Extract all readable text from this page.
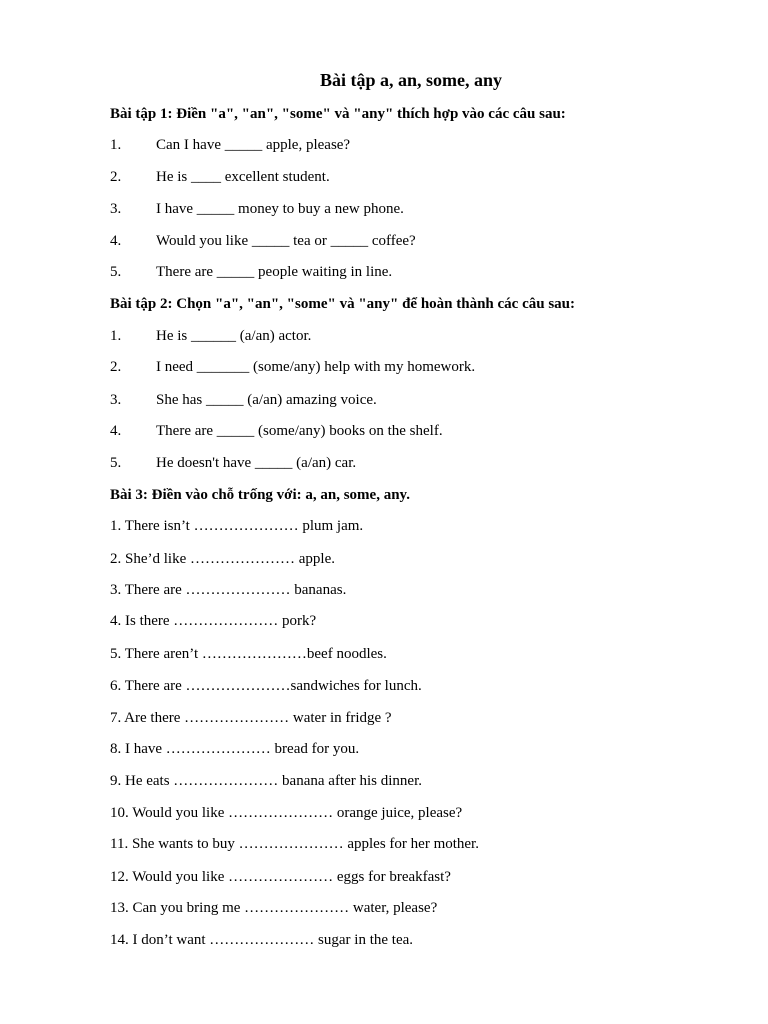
Bài tập a, an, some, any
Bài tập 1: Điền "a", "an", "some" và "any" thích hợp vào các câu sau:
1. Can I have _____ apple, please?
2. He is ____ excellent student.
3. I have _____ money to buy a new phone.
4. Would you like _____ tea or _____ coffee?
5. There are _____ people waiting in line.
Bài tập 2: Chọn "a", "an", "some" và "any" để hoàn thành các câu sau:
1. He is ______ (a/an) actor.
2. I need _______ (some/any) help with my homework.
3. She has _____ (a/an) amazing voice.
4. There are _____ (some/any) books on the shelf.
5. He doesn't have _____ (a/an) car.
Bài 3: Điền vào chỗ trống với: a, an, some, any.
1. There isn’t ………………… plum jam.
2. She’d like ………………… apple.
3. There are ………………… bananas.
4. Is there ………………… pork?
5. There aren’t …………………beef noodles.
6. There are …………………sandwiches for lunch.
7. Are there ………………… water in fridge ?
8. I have ………………… bread for you.
9. He eats ………………… banana after his dinner.
10. Would you like ………………… orange juice, please?
11. She wants to buy ………………… apples for her mother.
12. Would you like ………………… eggs for breakfast?
13. Can you bring me ………………… water, please?
14. I don’t want ………………… sugar in the tea.
